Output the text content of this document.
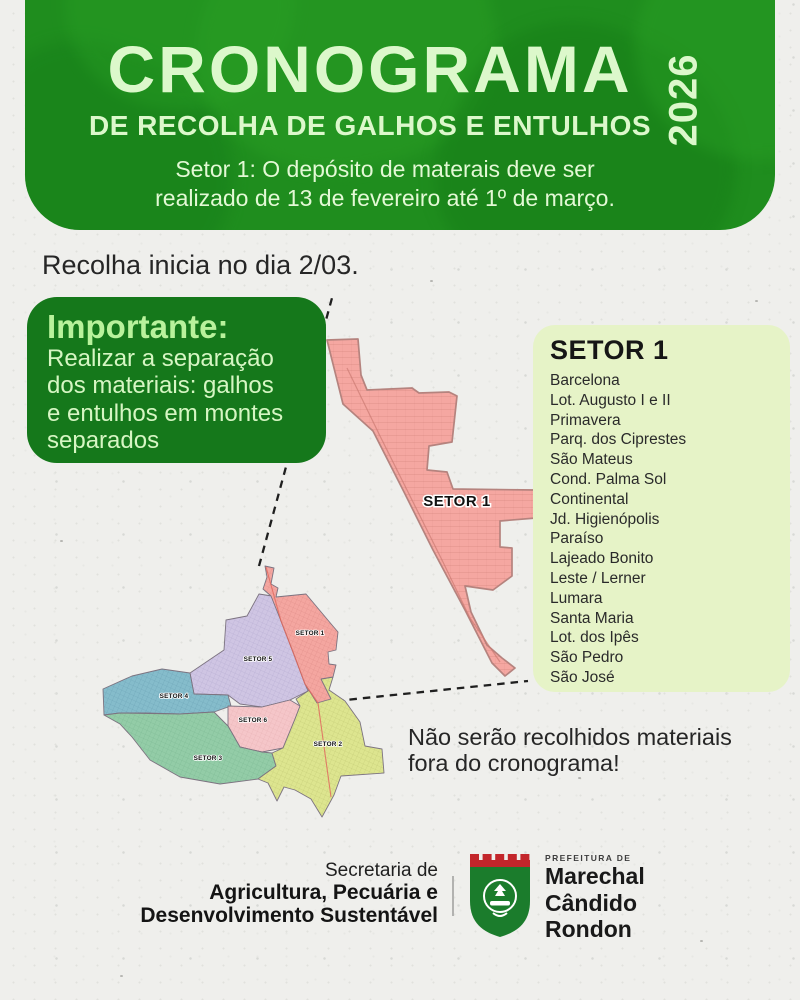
SETOR 1
SETOR 1
SETOR 5
SETOR 4
SETOR 6
SETOR 3
SETOR 2
CRONOGRAMA
DE RECOLHA DE GALHOS E ENTULHOS 2026
Setor 1: O depósito de materais deve ser
realizado de 13 de fevereiro até 1º de março.
Recolha inicia no dia 2/03.
Importante:
Realizar a separação
dos materiais: galhos
e entulhos em montes
separados
SETOR 1
Barcelona
Lot. Augusto I e II
Primavera
Parq. dos Ciprestes
São Mateus
Cond. Palma Sol
Continental
Jd. Higienópolis
Paraíso
Lajeado Bonito
Leste / Lerner
Lumara
Santa Maria
Lot. dos Ipês
São Pedro
São José
Não serão recolhidos materiais
fora do cronograma!
Secretaria de
Agricultura, Pecuária e
Desenvolvimento Sustentável
PREFEITURA DE
Marechal
Cândido
Rondon
